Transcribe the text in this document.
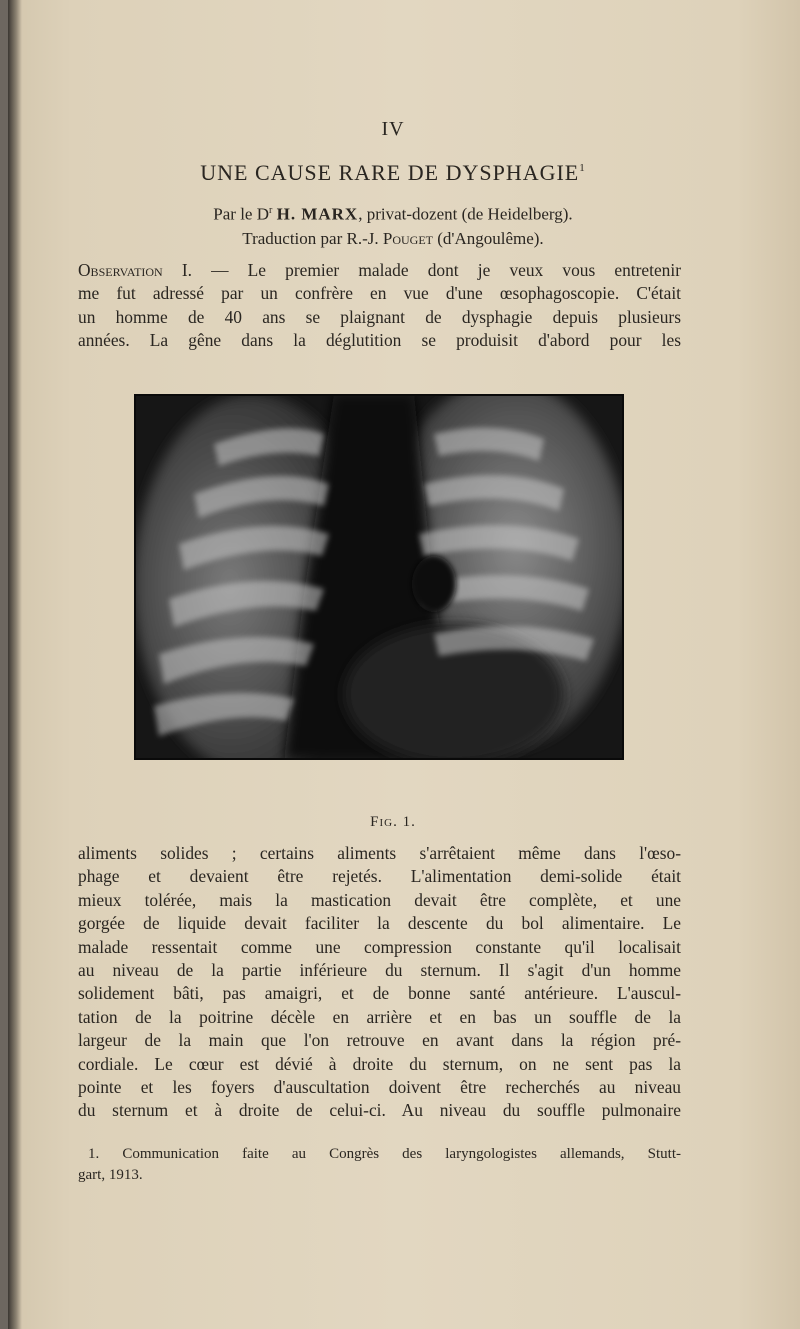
IV
UNE CAUSE RARE DE DYSPHAGIE$^1$
Par le $D^r$ H. MARX, privat-dozent (de Heidelberg).
Traduction par R.-J. Pouget (d'Angoulême).
Observation I. — Le premier malade dont je veux vous entretenir
me fut adressé par un confrère en vue d'une œsophagoscopie. C'était
un homme de 40 ans se plaignant de dysphagie depuis plusieurs
années. La gêne dans la déglutition se produisit d'abord pour les
Fig. 1.
aliments solides ; certains aliments s'arrêtaient même dans l'œso-
phage et devaient être rejetés. L'alimentation demi-solide était
mieux tolérée, mais la mastication devait être complète, et une
gorgée de liquide devait faciliter la descente du bol alimentaire. Le
malade ressentait comme une compression constante qu'il localisait
au niveau de la partie inférieure du sternum. Il s'agit d'un homme
solidement bâti, pas amaigri, et de bonne santé antérieure. L'auscul-
tation de la poitrine décèle en arrière et en bas un souffle de la
largeur de la main que l'on retrouve en avant dans la région pré-
cordiale. Le cœur est dévié à droite du sternum, on ne sent pas la
pointe et les foyers d'auscultation doivent être recherchés au niveau
du sternum et à droite de celui-ci. Au niveau du souffle pulmonaire
1. Communication faite au Congrès des laryngologistes allemands, Stutt-
gart, 1913.
